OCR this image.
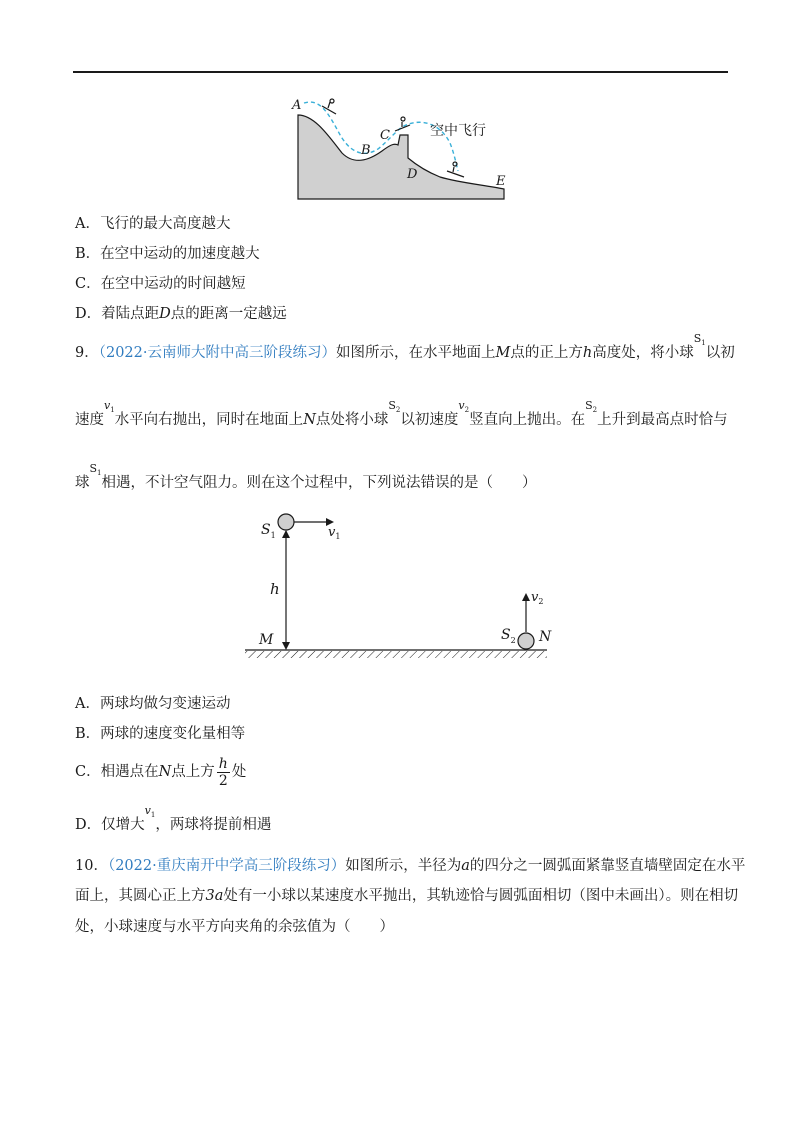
A
B
C
D	E
空中飞行
A．飞行的最大高度越大
B．在空中运动的加速度越大
C．在空中运动的时间越短
D．着陆点距D点的距离一定越远
9．（2022·云南师大附中高三阶段练习）如图所示，在水平地面上M点的正上方h高度处，将小球$S_1$以初
速度$v_1$水平向右抛出，同时在地面上N点处将小球$S_2$以初速度$v_2$竖直向上抛出。在$S_2$上升到最高点时恰与
球$S_1$相遇，不计空气阻力。则在这个过程中，下列说法错误的是（　　）
$S_1$	$v_1$
h
M	$S_2$
$v_2$
N
A．两球均做匀变速运动
B．两球的速度变化量相等
C．相遇点在N点上方 $\frac{h}{2}$ 处
D．仅增大$v_1$，两球将提前相遇
10．（2022·重庆南开中学高三阶段练习）如图所示，半径为a的四分之一圆弧面紧靠竖直墙壁固定在水平
面上，其圆心正上方3a处有一小球以某速度水平抛出，其轨迹恰与圆弧面相切（图中未画出）。则在相切
处，小球速度与水平方向夹角的余弦值为（　　）
